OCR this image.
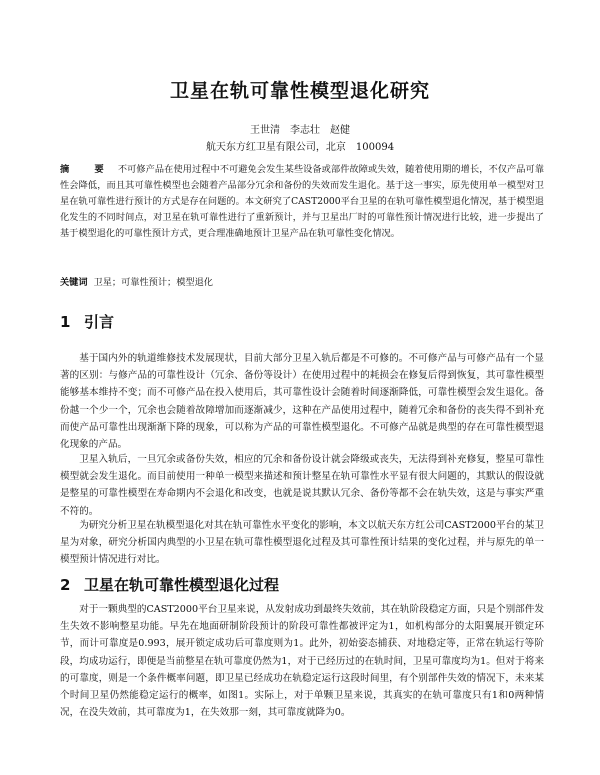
卫星在轨可靠性模型退化研究
王世清　李志壮　赵健
航天东方红卫星有限公司，北京　100094
摘　要 不可修产品在使用过程中不可避免会发生某些设备或部件故障或失效，随着使用期的增长，不仅产品可靠性会降低，而且其可靠性模型也会随着产品部分冗余和备份的失效而发生退化。基于这一事实，原先使用单一模型对卫星在轨可靠性进行预计的方式是存在问题的。本文研究了CAST2000平台卫星的在轨可靠性模型退化情况，基于模型退化发生的不同时间点，对卫星在轨可靠性进行了重新预计，并与卫星出厂时的可靠性预计情况进行比较，进一步提出了基于模型退化的可靠性预计方式，更合理准确地预计卫星产品在轨可靠性变化情况。
关键词 卫星；可靠性预计；模型退化
1 引言
基于国内外的轨道维修技术发展现状，目前大部分卫星入轨后都是不可修的。不可修产品与可修产品有一个显著的区别：与修产品的可靠性设计（冗余、备份等设计）在使用过程中的耗损会在修复后得到恢复，其可靠性模型能够基本维持不变；而不可修产品在投入使用后，其可靠性设计会随着时间逐渐降低，可靠性模型会发生退化。备份越一个少一个，冗余也会随着故障增加而逐渐减少，这种在产品使用过程中，随着冗余和备份的丧失得不到补充而使产品可靠性出现渐渐下降的现象，可以称为产品的可靠性模型退化。不可修产品就是典型的存在可靠性模型退化现象的产品。
卫星入轨后，一旦冗余或备份失效，相应的冗余和备份设计就会降级或丧失，无法得到补充修复，整星可靠性模型就会发生退化。而目前使用一种单一模型来描述和预计整星在轨可靠性水平显有很大问题的，其默认的假设就是整星的可靠性模型在寿命期内不会退化和改变，也就是说其默认冗余、备份等都不会在轨失效，这是与事实严重不符的。
为研究分析卫星在轨模型退化对其在轨可靠性水平变化的影响，本文以航天东方红公司CAST2000平台的某卫星为对象，研究分析国内典型的小卫星在轨可靠性模型退化过程及其可靠性预计结果的变化过程，并与原先的单一模型预计情况进行对比。
2 卫星在轨可靠性模型退化过程
对于一颗典型的CAST2000平台卫星来说，从发射成功到最终失效前，其在轨阶段稳定方面，只是个别部件发生失效不影响整星功能。早先在地面研制阶段预计的阶段可靠性都被评定为1，如机构部分的太阳翼展开锁定环节，而计可靠度是0.993，展开锁定成功后可靠度则为1。此外，初始姿态捕获、对地稳定等，正常在轨运行等阶段，均成功运行，即便是当前整星在轨可靠度仍然为1，对于已经历过的在轨时间，卫星可靠度均为1。但对于将来的可靠度，则是一个条件概率问题，即卫星已经成功在轨稳定运行这段时间里，有个别部件失效的情况下，未来某个时间卫星仍然能稳定运行的概率，如图1。实际上，对于单颗卫星来说，其真实的在轨可靠度只有1和0两种情况，在没失效前，其可靠度为1，在失效那一刻，其可靠度就降为0。
